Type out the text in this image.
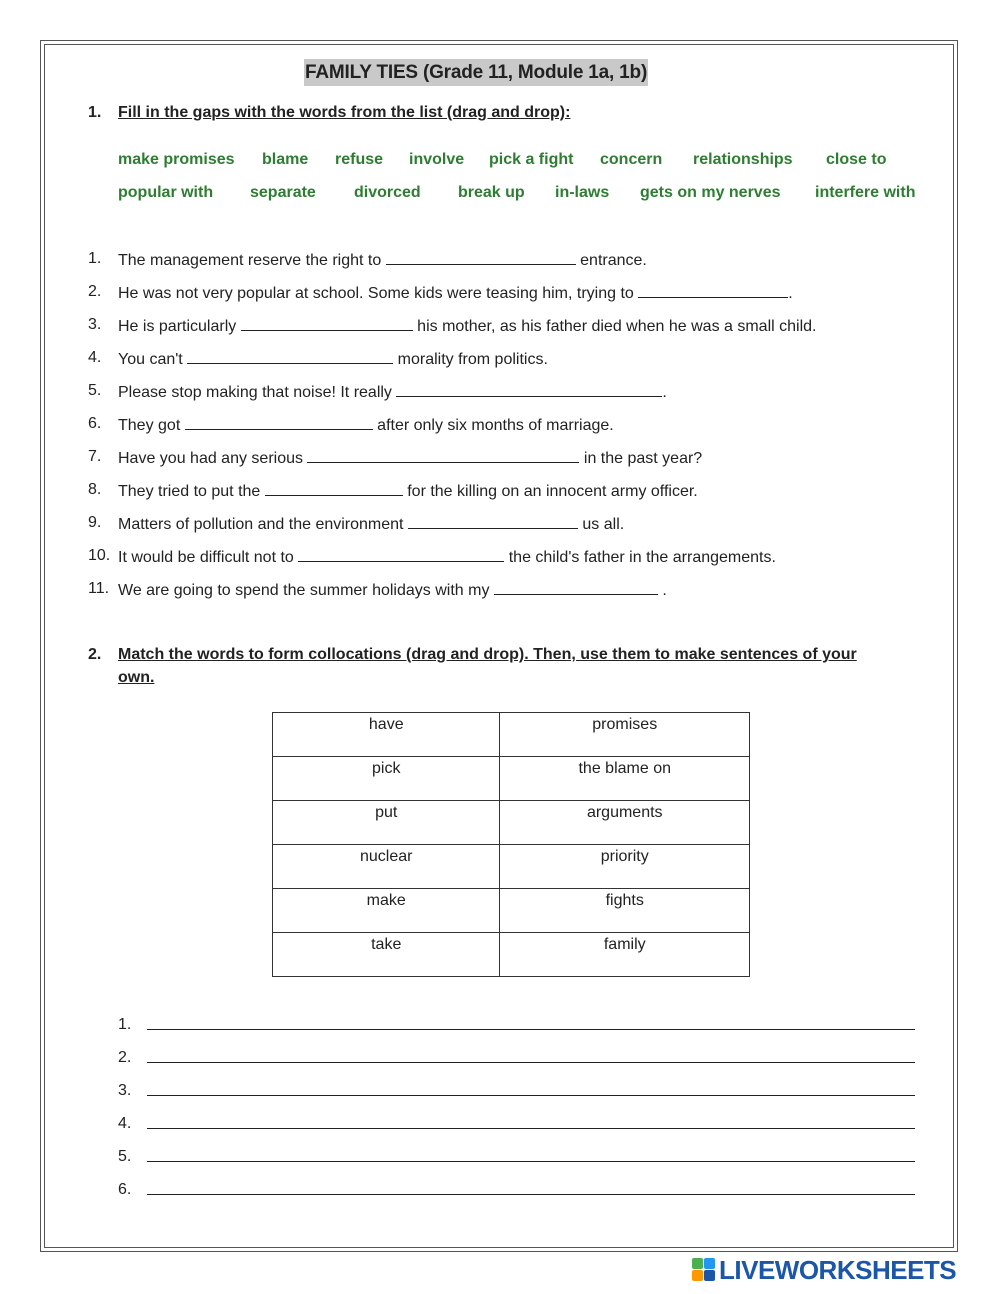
FAMILY TIES (Grade 11, Module 1a, 1b)
1.	Fill in the gaps with the words from the list (drag and drop):
make promises blame refuse involve pick a fight concern relationships close to
popular with separate divorced break up in-laws gets on my nerves interfere with
1. The management reserve the right to	entrance.
2. He was not very popular at school. Some kids were teasing him, trying to	.
3. He is particularly	his mother, as his father died when he was a small child.
4. You can't	morality from politics.
5. Please stop making that noise! It really	.
6. They got	after only six months of marriage.
7. Have you had any serious	in the past year?
8. They tried to put the	for the killing on an innocent army officer.
9. Matters of pollution and the environment	us all.
10. It would be difficult not to	the child's father in the arrangements.
11. We are going to spend the summer holidays with my	.
2.	Match the words to form collocations (drag and drop). Then, use them to make sentences of your
own.
have	promises
pick	the blame on
put	arguments
nuclear	priority
make	fights
take	family
1.
2.
3.
4.
5.
6.
LIVEWORKSHEETS
